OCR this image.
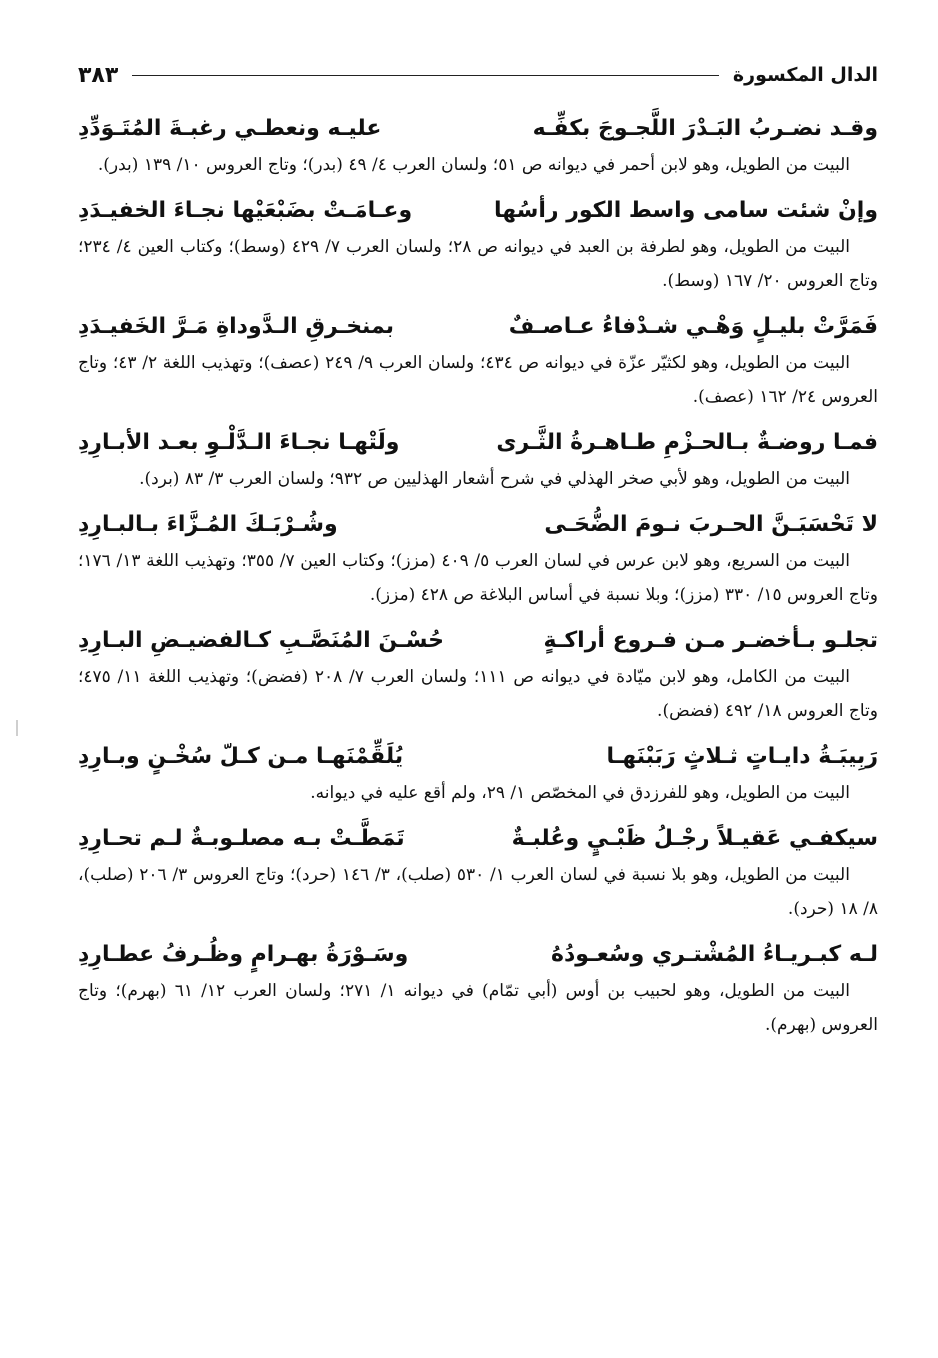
الدال المكسورة
٣٨٣
وقـد نضـربُ البَـدْرَ اللَّجـوجَ بكفِّـه
عليـه ونعطـي رغبـةَ المُتَـوَدِّدِ

البيت من الطويل، وهو لابن أحمر في ديوانه ص ٥١؛ ولسان العرب ٤/ ٤٩ (بدر)؛ وتاج العروس ١٠/ ١٣٩ (بدر).

وإنْ شئت سامى واسط الكور رأسُها
وعـامَـتْ بضَبْعَيْها نجـاءَ الخفيـدَدِ

البيت من الطويل، وهو لطرفة بن العبد في ديوانه ص ٢٨؛ ولسان العرب ٧/ ٤٢٩ (وسط)؛ وكتاب العين ٤/ ٢٣٤؛ وتاج العروس ٢٠/ ١٦٧ (وسط).

فَمَرَّتْ بليـلٍ وَهْـي شـدْفاءُ عـاصـفٌ
بمنخـرقِ الـدَّوداةِ مَـرَّ الخَفيـدَدِ

البيت من الطويل، وهو لكثيّر عزّة في ديوانه ص ٤٣٤؛ ولسان العرب ٩/ ٢٤٩ (عصف)؛ وتهذيب اللغة ٢/ ٤٣؛ وتاج العروس ٢٤/ ١٦٢ (عصف).

فمـا روضـةٌ بـالحـزْمِ طـاهـرةُ الثَّـرى
ولَتْهـا نجـاءَ الـدَّلْـوِ بعـد الأبـارِدِ

البيت من الطويل، وهو لأبي صخر الهذلي في شرح أشعار الهذليين ص ٩٣٢؛ ولسان العرب ٣/ ٨٣ (برد).

لا تَحْسَبَـنَّ الحـربَ نـومَ الضُّحَـى
وشُـرْبَـكَ المُـزَّاءَ بـالبـارِدِ

البيت من السريع، وهو لابن عرس في لسان العرب ٥/ ٤٠٩ (مزز)؛ وكتاب العين ٧/ ٣٥٥؛ وتهذيب اللغة ١٣/ ١٧٦؛ وتاج العروس ١٥/ ٣٣٠ (مزز)؛ وبلا نسبة في أساس البلاغة ص ٤٢٨ (مزز).

تجلـو بـأخضـر مـن فـروع أراكـةٍ
حُسْـنَ المُنَصَّـبِ كـالفضيـضِ البـارِدِ

البيت من الكامل، وهو لابن ميّادة في ديوانه ص ١١١؛ ولسان العرب ٧/ ٢٠٨ (فضض)؛ وتهذيب اللغة ١١/ ٤٧٥؛ وتاج العروس ١٨/ ٤٩٢ (فضض).

رَبِيبَـةُ دايـاتٍ ثـلاثٍ رَبَبْنَهـا
يُلَقِّمْنَهـا مـن كـلّ سُخْـنٍ وبـارِدِ

البيت من الطويل، وهو للفرزدق في المخصّص ١/ ٢٩، ولم أقع عليه في ديوانه.

سيكفـي عَقيـلاً رجْـلُ ظَبْـيٍ وعُلبـةٌ
تَمَطَّـتْ بـه مصلـوبـةٌ لـم تحـارِدِ

البيت من الطويل، وهو بلا نسبة في لسان العرب ١/ ٥٣٠ (صلب)، ٣/ ١٤٦ (حرد)؛ وتاج العروس ٣/ ٢٠٦ (صلب)، ٨/ ١٨ (حرد).

لـه كبـريـاءُ المُشْتـري وسُعـودُهُ
وسَـوْرَةُ بهـرامٍ وظُـرفُ عطـارِدِ

البيت من الطويل، وهو لحبيب بن أوس (أبي تمّام) في ديوانه ١/ ٢٧١؛ ولسان العرب ١٢/ ٦١ (بهرم)؛ وتاج العروس (بهرم).
